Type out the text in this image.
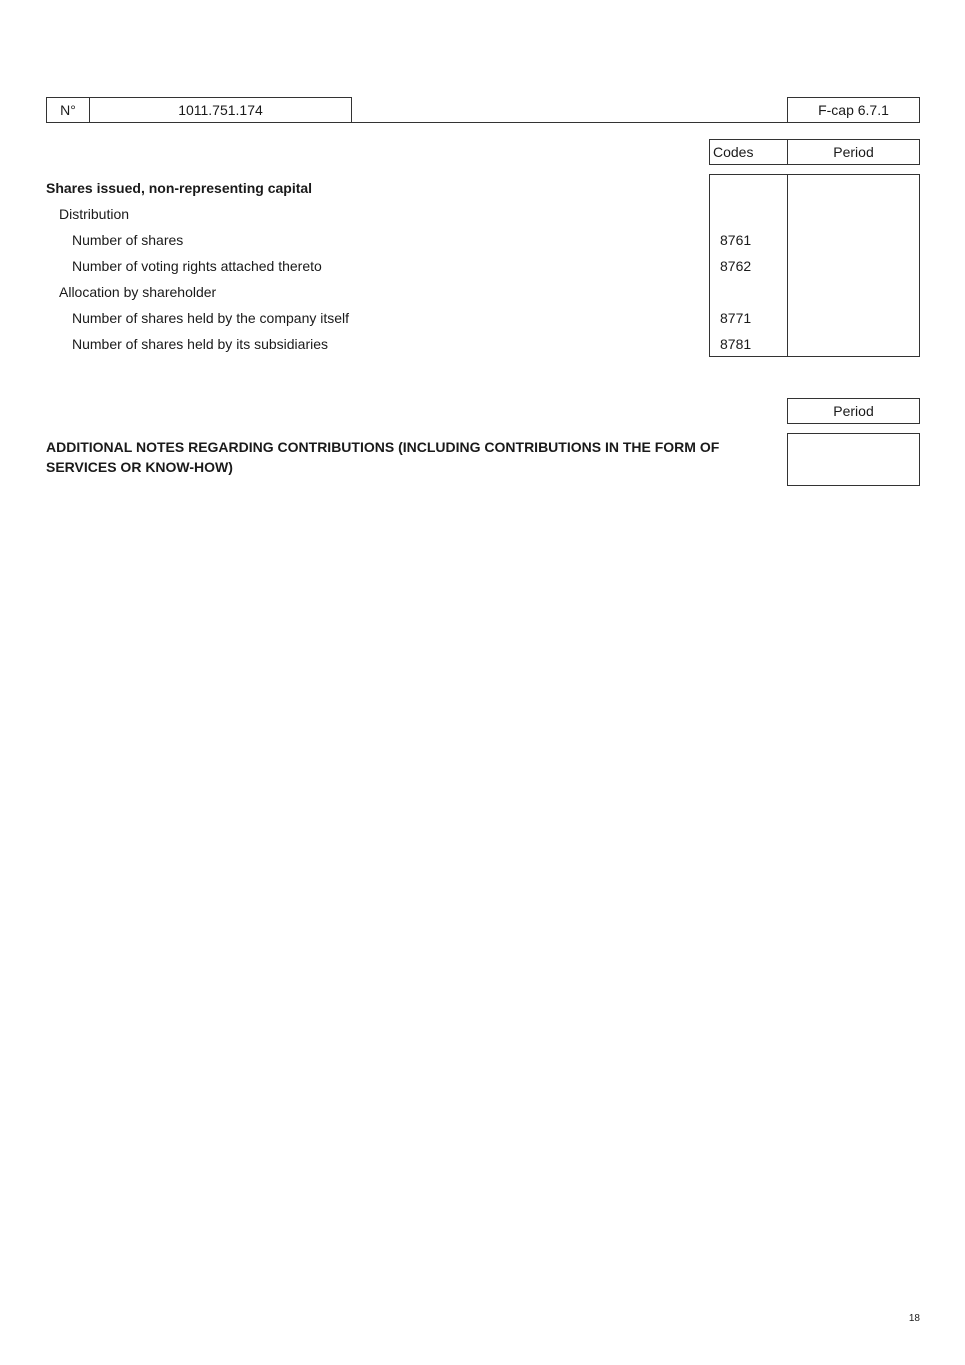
N°	1011.751.174	F-cap 6.7.1
Codes	Period
Shares issued, non-representing capital
Distribution
Number of shares	8761
Number of voting rights attached thereto	8762
Allocation by shareholder
Number of shares held by the company itself	8771
Number of shares held by its subsidiaries	8781
Period
ADDITIONAL NOTES REGARDING CONTRIBUTIONS (INCLUDING CONTRIBUTIONS IN THE FORM OF SERVICES OR KNOW-HOW)
18
